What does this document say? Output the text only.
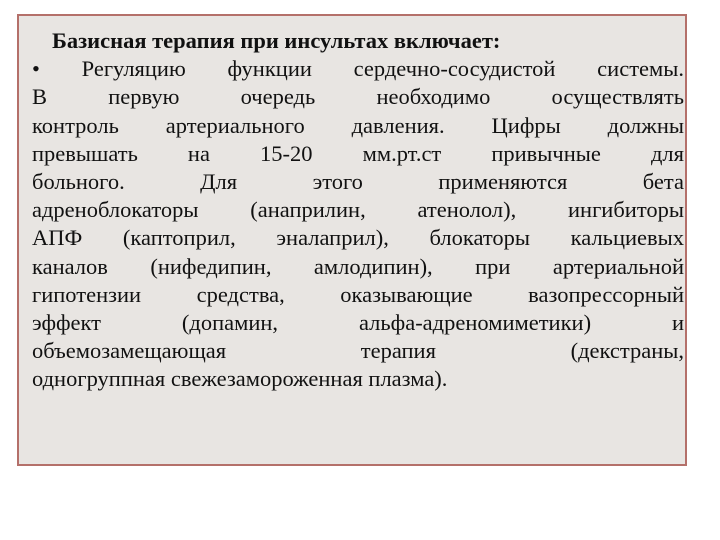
Базисная терапия при инсультах включает:
• Регуляцию функции сердечно-сосудистой системы.
В первую очередь необходимо осуществлять
контроль артериального давления. Цифры должны
превышать на 15-20 мм.рт.ст привычные для
больного. Для этого применяются бета
адреноблокаторы (анаприлин, атенолол), ингибиторы
АПФ (каптоприл, эналаприл), блокаторы кальциевых
каналов (нифедипин, амлодипин), при артериальной
гипотензии средства, оказывающие вазопрессорный
эффект (допамин, альфа-адреномиметики) и
объемозамещающая терапия (декстраны,
одногруппная свежезамороженная плазма).
